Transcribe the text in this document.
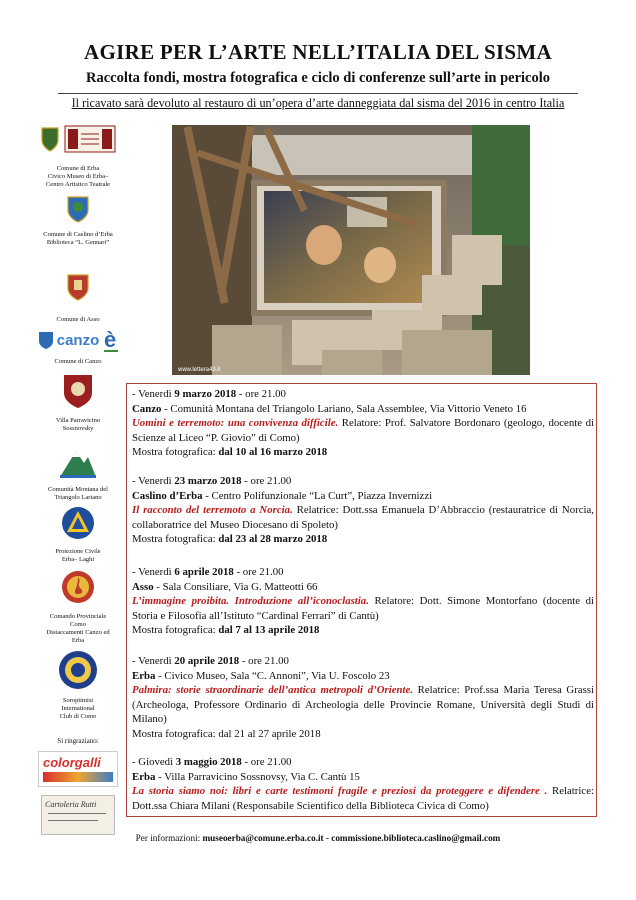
AGIRE PER L’ARTE NELL’ITALIA DEL SISMA
Raccolta fondi, mostra fotografica e ciclo di conferenze sull’arte in pericolo
Il ricavato sarà devoluto al restauro di un’opera d’arte danneggiata dal sisma del 2016 in centro Italia
www.lettera43.it
Comune di Erba
Civico Museo di Erba–
Centro Artistico Teatrale
Comune di Caslino d’Erba
Biblioteca “L. Gennari”
Comune di Asso
canzo è
Comune di Canzo
Villa Parravicino
Sossnovsky
Comunità Montana del
Triangolo Lariano
Protezione Civile
Erba– Laghi
Comando Provinciale
Como
Distaccamenti Canzo ed
Erba
Soroptimist
International
Club di Como
Si ringraziano:
colorgalli
Cartoleria Rutti
- Venerdì 9 marzo 2018 - ore 21.00
Canzo - Comunità Montana del Triangolo Lariano, Sala Assemblee, Via Vittorio Veneto 16
Uomini e terremoto: una convivenza difficile. Relatore: Prof. Salvatore Bordonaro (geologo, docente di Scienze al Liceo “P. Giovio” di Como)
Mostra fotografica: dal 10 al 16 marzo 2018
- Venerdì 23 marzo 2018 - ore 21.00
Caslino d’Erba - Centro Polifunzionale “La Curt”, Piazza Invernizzi
Il racconto del terremoto a Norcia. Relatrice: Dott.ssa Emanuela D’Abbraccio (restauratrice di Norcia, collaboratrice del Museo Diocesano di Spoleto)
Mostra fotografica: dal 23 al 28 marzo 2018
- Venerdì 6 aprile 2018 - ore 21.00
Asso - Sala Consiliare, Via G. Matteotti 66
L’immagine proibita. Introduzione all’iconoclastia. Relatore: Dott. Simone Montorfano (docente di Storia e Filosofia all’Istituto “Cardinal Ferrari” di Cantù)
Mostra fotografica: dal 7 al 13 aprile 2018
- Venerdì 20 aprile 2018 - ore 21.00
Erba - Civico Museo, Sala “C. Annoni”, Via U. Foscolo 23
Palmira: storie straordinarie dell’antica metropoli d’Oriente. Relatrice: Prof.ssa Maria Teresa Grassi (Archeologa, Professore Ordinario di Archeologia delle Provincie Romane, Università degli Studi di Milano)
Mostra fotografica: dal 21 al 27 aprile 2018
- Giovedì 3 maggio 2018 - ore 21.00
Erba - Villa Parravicino Sossnovsy, Via C. Cantù 15
La storia siamo noi: libri e carte testimoni fragile e preziosi da proteggere e difendere . Relatrice: Dott.ssa Chiara Milani (Responsabile Scientifico della Biblioteca Civica di Como)
Per informazioni: museoerba@comune.erba.co.it - commissione.biblioteca.caslino@gmail.com
